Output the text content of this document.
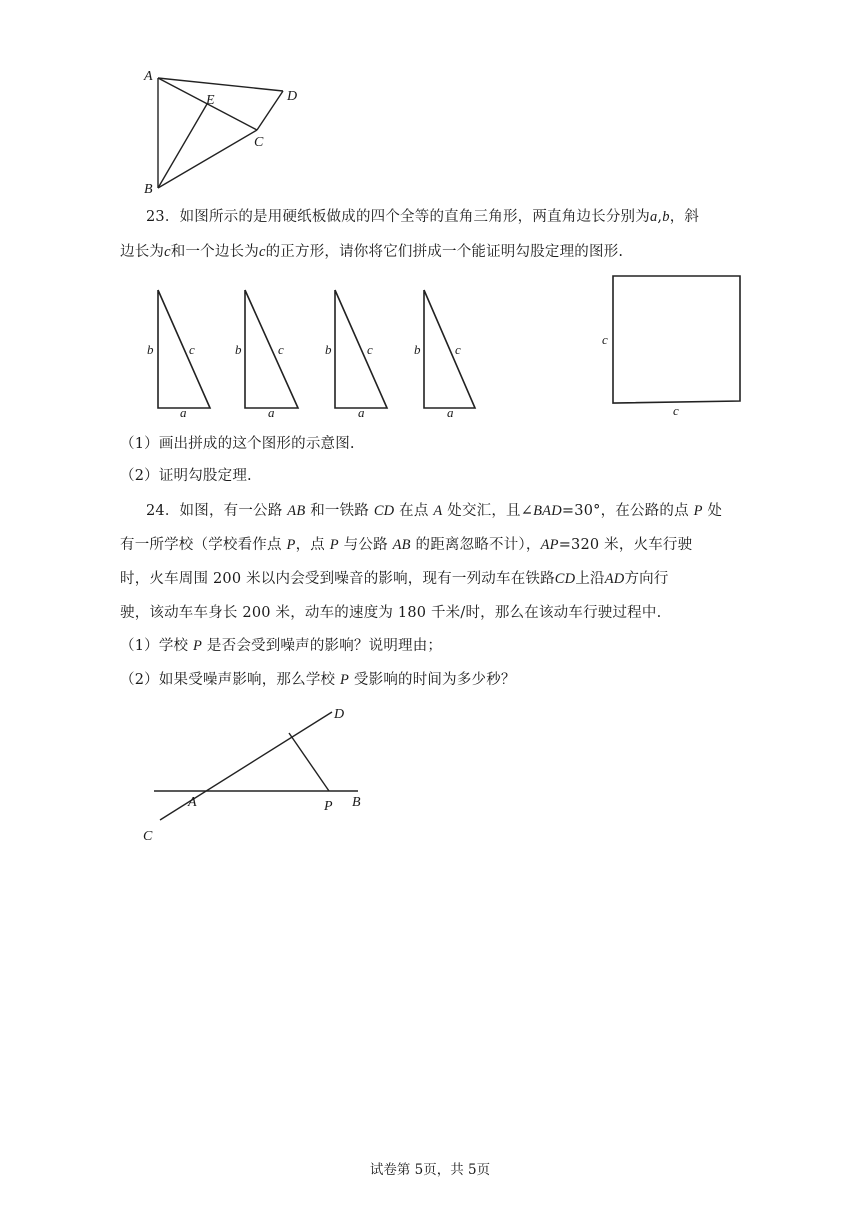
A
B
C
D
E
23．如图所示的是用硬纸板做成的四个全等的直角三角形，两直角边长分别为a,b，斜
边长为c和一个边长为c的正方形，请你将它们拼成一个能证明勾股定理的图形.
b	c
a
b	c
a
b	c
a
b	c
a
c
c
（1）画出拼成的这个图形的示意图.
（2）证明勾股定理.
24．如图，有一公路 AB 和一铁路 CD 在点 A 处交汇，且∠BAD=30°，在公路的点 P 处
有一所学校（学校看作点 P，点 P 与公路 AB 的距离忽略不计），AP=320 米，火车行驶
时，火车周围 200 米以内会受到噪音的影响，现有一列动车在铁路CD上沿AD方向行
驶，该动车车身长 200 米，动车的速度为 180 千米/时，那么在该动车行驶过程中.
（1）学校 P 是否会受到噪声的影响？说明理由；
（2）如果受噪声影响，那么学校 P 受影响的时间为多少秒？
A	B
C
D
P
试卷第 5页，共 5页
